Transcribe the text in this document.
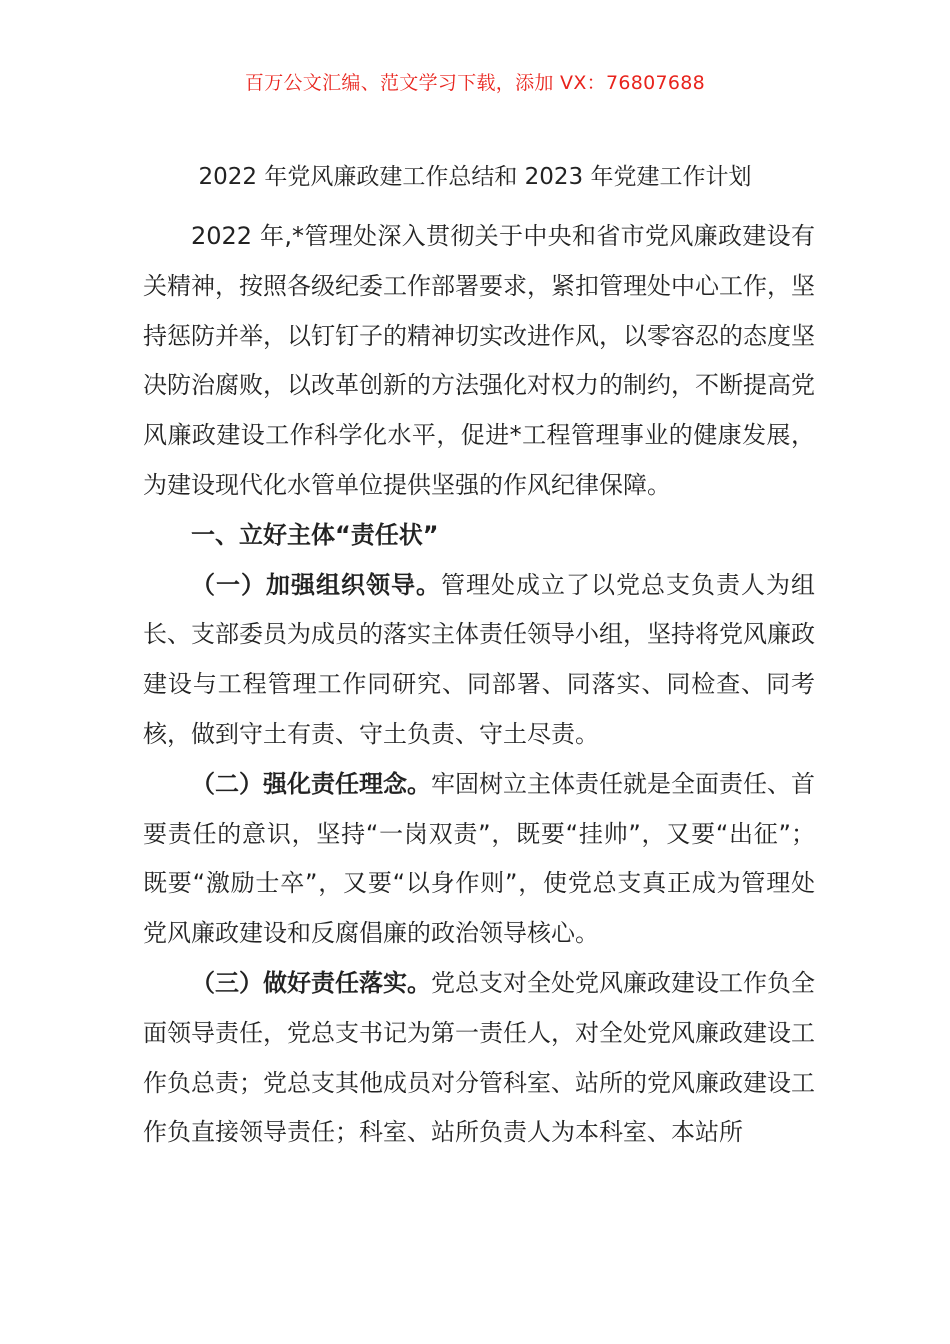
百万公文汇编、范文学习下载，添加 VX：76807688
2022 年党风廉政建工作总结和 2023 年党建工作计划

2022 年,*管理处深入贯彻关于中央和省市党风廉政建设有关精神，按照各级纪委工作部署要求，紧扣管理处中心工作，坚持惩防并举，以钉钉子的精神切实改进作风，以零容忍的态度坚决防治腐败，以改革创新的方法强化对权力的制约，不断提高党风廉政建设工作科学化水平，促进*工程管理事业的健康发展，为建设现代化水管单位提供坚强的作风纪律保障。

一、立好主体“责任状”

（一）加强组织领导。管理处成立了以党总支负责人为组长、支部委员为成员的落实主体责任领导小组，坚持将党风廉政建设与工程管理工作同研究、同部署、同落实、同检查、同考核，做到守土有责、守土负责、守土尽责。

（二）强化责任理念。牢固树立主体责任就是全面责任、首要责任的意识，坚持“一岗双责”，既要“挂帅”，又要“出征”；既要“激励士卒”，又要“以身作则”，使党总支真正成为管理处党风廉政建设和反腐倡廉的政治领导核心。

（三）做好责任落实。党总支对全处党风廉政建设工作负全面领导责任，党总支书记为第一责任人，对全处党风廉政建设工作负总责；党总支其他成员对分管科室、站所的党风廉政建设工作负直接领导责任；科室、站所负责人为本科室、本站所
